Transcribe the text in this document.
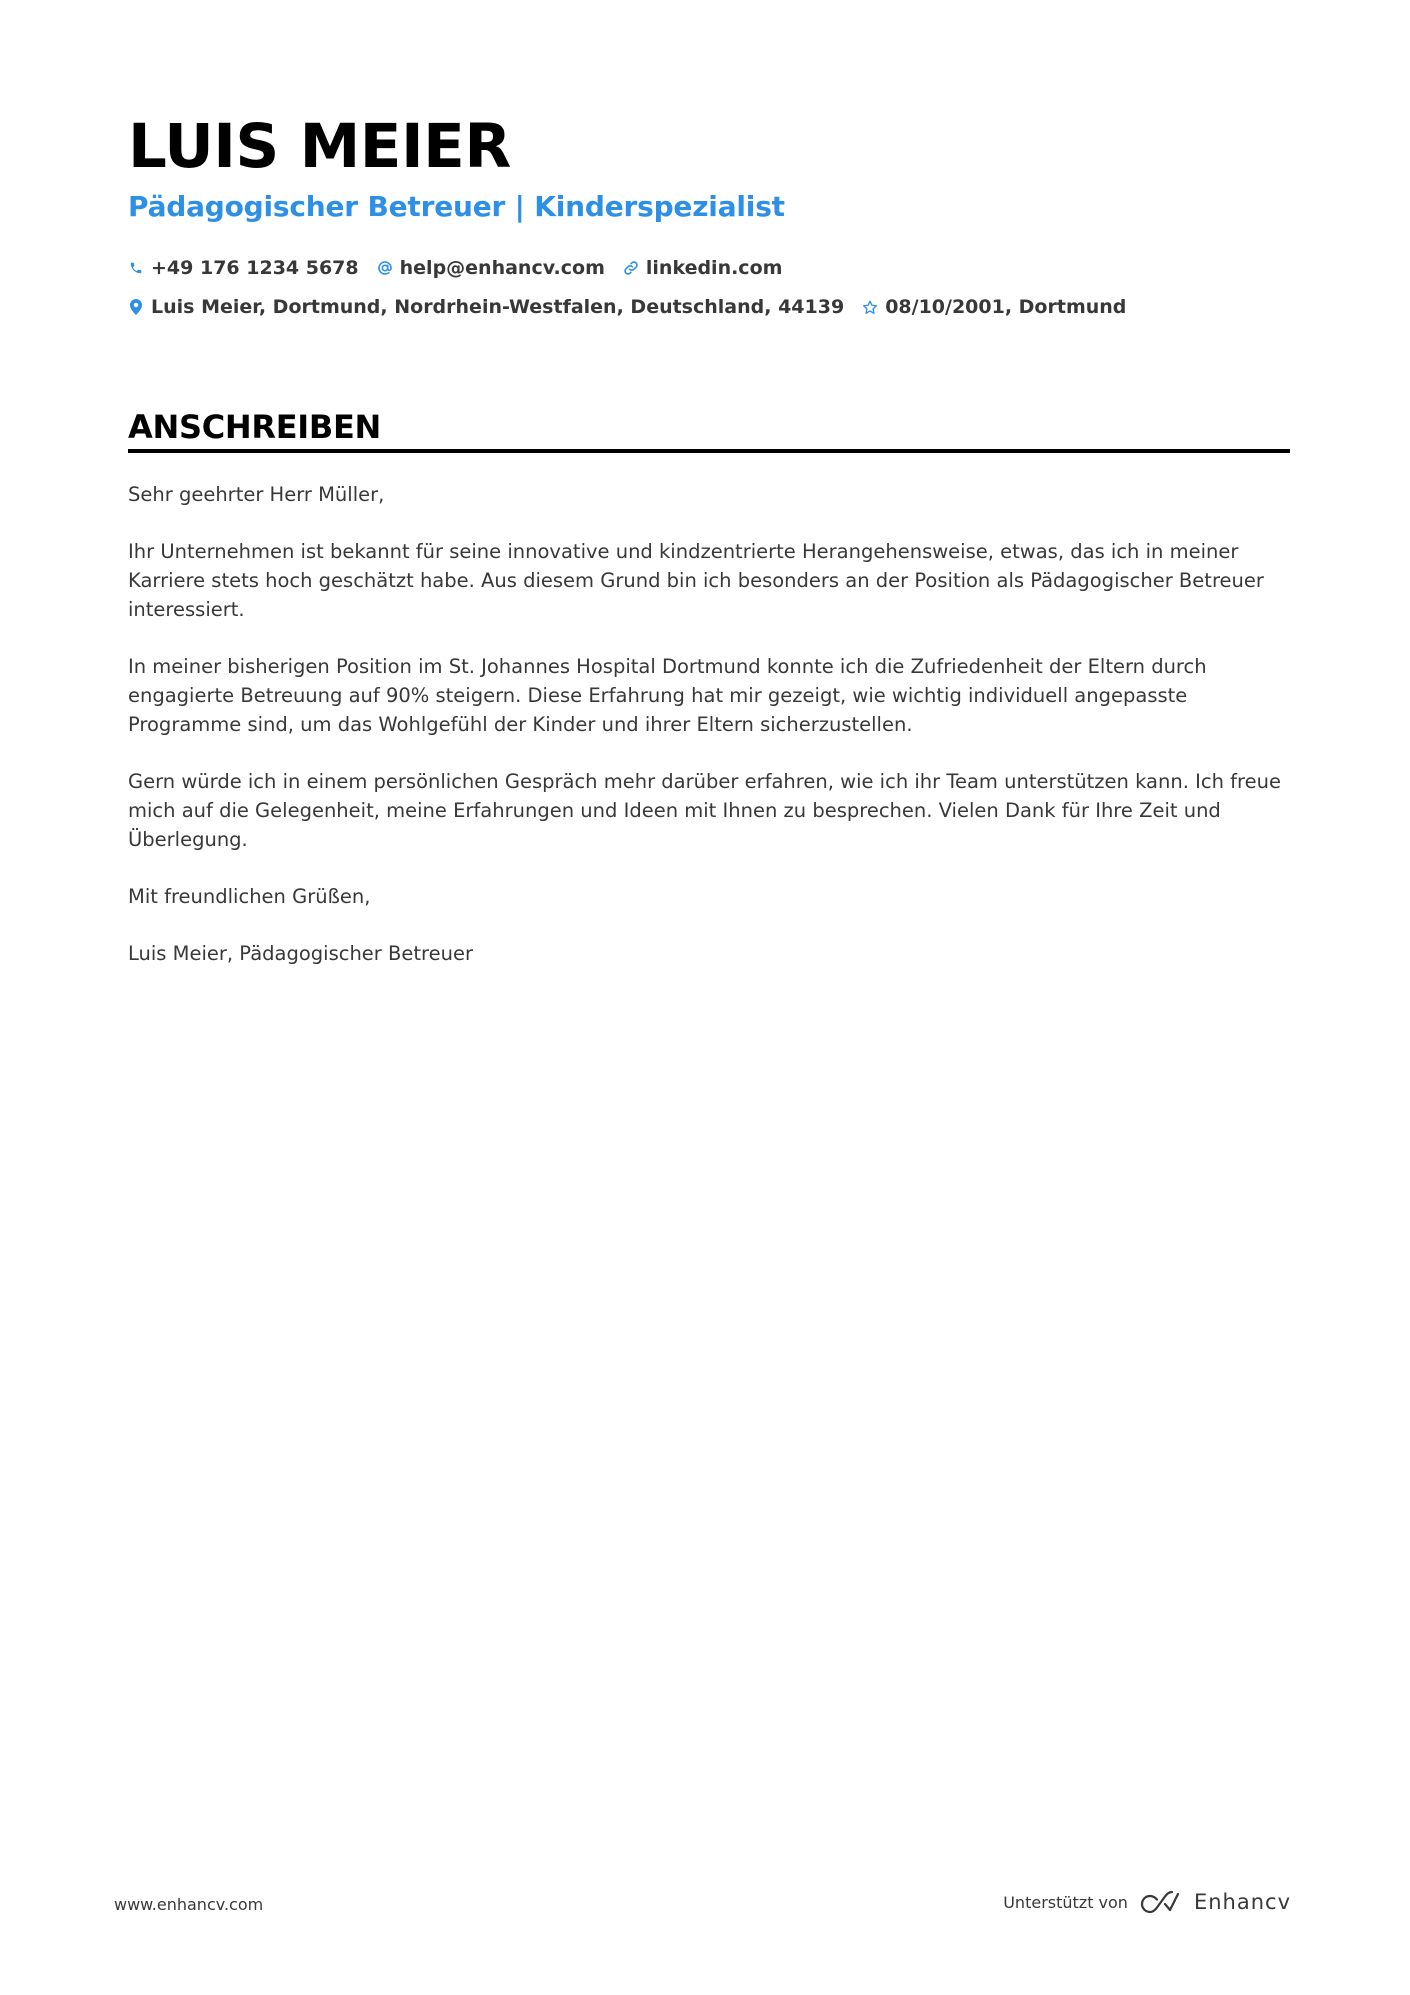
LUIS MEIER
Pädagogischer Betreuer | Kinderspezialist
+49 176 1234 5678 help@enhancv.com linkedin.com
Luis Meier, Dortmund, Nordrhein-Westfalen, Deutschland, 44139 08/10/2001, Dortmund
ANSCHREIBEN

Sehr geehrter Herr Müller,

Ihr Unternehmen ist bekannt für seine innovative und kindzentrierte Herangehensweise, etwas, das ich in meiner Karriere stets hoch geschätzt habe. Aus diesem Grund bin ich besonders an der Position als Pädagogischer Betreuer interessiert.

In meiner bisherigen Position im St. Johannes Hospital Dortmund konnte ich die Zufriedenheit der Eltern durch engagierte Betreuung auf 90% steigern. Diese Erfahrung hat mir gezeigt, wie wichtig individuell angepasste Programme sind, um das Wohlgefühl der Kinder und ihrer Eltern sicherzustellen.

Gern würde ich in einem persönlichen Gespräch mehr darüber erfahren, wie ich ihr Team unterstützen kann. Ich freue mich auf die Gelegenheit, meine Erfahrungen und Ideen mit Ihnen zu besprechen. Vielen Dank für Ihre Zeit und Überlegung.

Mit freundlichen Grüßen,

Luis Meier, Pädagogischer Betreuer

www.enhancv.com	Unterstützt von	Enhancv
